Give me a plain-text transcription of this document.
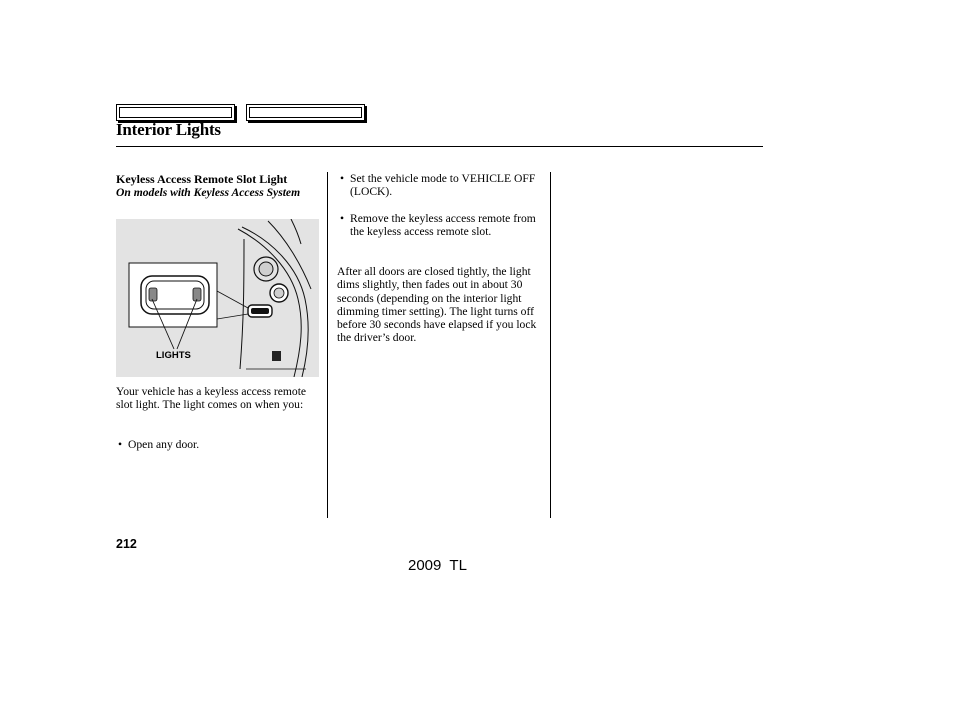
Interior Lights
Keyless Access Remote Slot Light
On models with Keyless Access System
LIGHTS
Your vehicle has a keyless access remote slot light. The light comes on when you:
• Open any door.
• Set the vehicle mode to VEHICLE OFF (LOCK).
• Remove the keyless access remote from the keyless access remote slot.
After all doors are closed tightly, the light dims slightly, then fades out in about 30 seconds (depending on the interior light dimming timer setting). The light turns off before 30 seconds have elapsed if you lock the driver’s door.
212
2009  TL
